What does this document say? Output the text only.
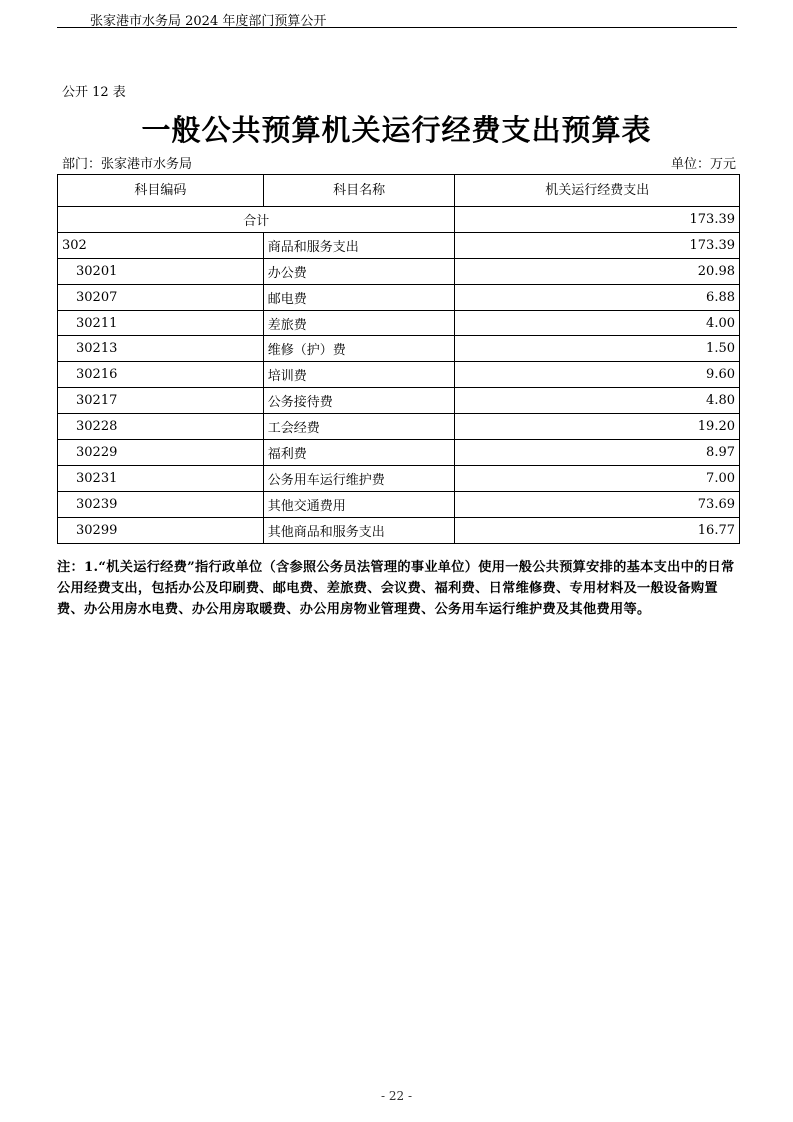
张家港市水务局 2024 年度部门预算公开
公开 12 表
一般公共预算机关运行经费支出预算表
部门：张家港市水务局	单位：万元
科目编码	科目名称	机关运行经费支出
合计		173.39
302	商品和服务支出	173.39
30201	办公费	20.98
30207	邮电费	6.88
30211	差旅费	4.00
30213	维修（护）费	1.50
30216	培训费	9.60
30217	公务接待费	4.80
30228	工会经费	19.20
30229	福利费	8.97
30231	公务用车运行维护费	7.00
30239	其他交通费用	73.69
30299	其他商品和服务支出	16.77
注：1.“机关运行经费”指行政单位（含参照公务员法管理的事业单位）使用一般公共预算安排的基本支出中的日常公用经费支出，包括办公及印刷费、邮电费、差旅费、会议费、福利费、日常维修费、专用材料及一般设备购置费、办公用房水电费、办公用房取暖费、办公用房物业管理费、公务用车运行维护费及其他费用等。
- 22 -
